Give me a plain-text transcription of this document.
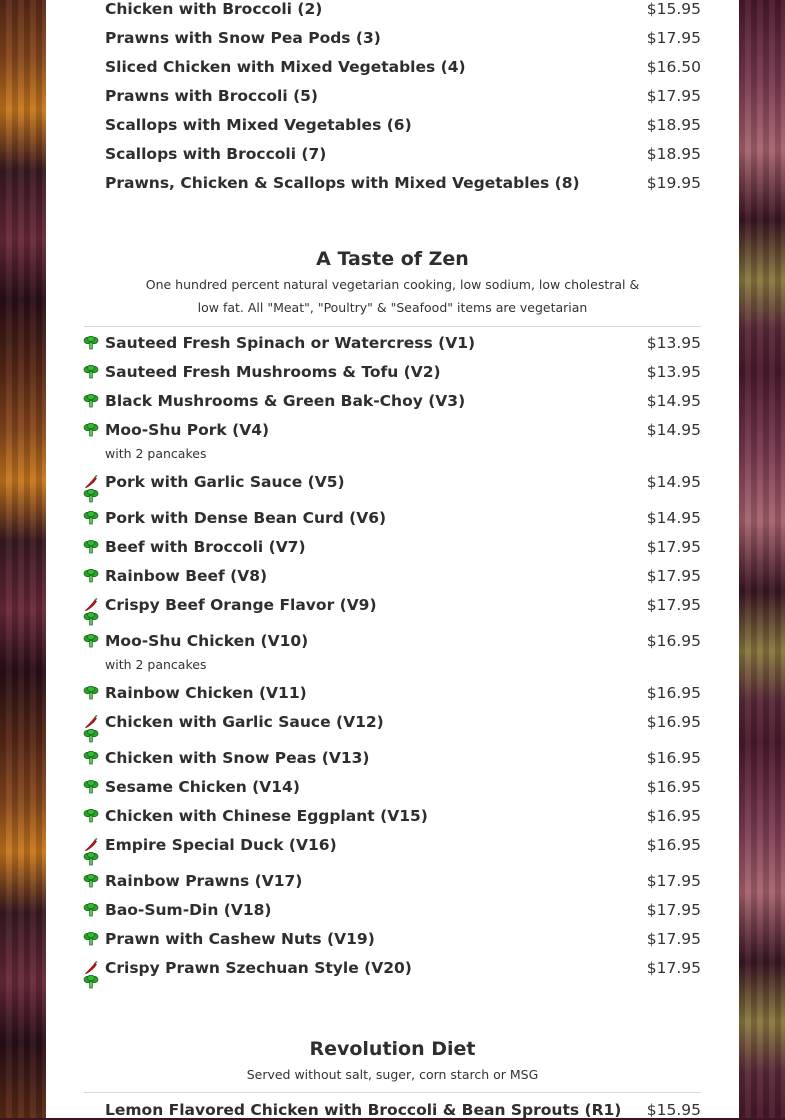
Chicken with Broccoli (2)	$15.95
Prawns with Snow Pea Pods (3)	$17.95
Sliced Chicken with Mixed Vegetables (4)	$16.50
Prawns with Broccoli (5)	$17.95
Scallops with Mixed Vegetables (6)	$18.95
Scallops with Broccoli (7)	$18.95
Prawns, Chicken & Scallops with Mixed Vegetables (8)	$19.95
A Taste of Zen
One hundred percent natural vegetarian cooking, low sodium, low cholestral &
low fat. All "Meat", "Poultry" & "Seafood" items are vegetarian
Sauteed Fresh Spinach or Watercress (V1)	$13.95
Sauteed Fresh Mushrooms & Tofu (V2)	$13.95
Black Mushrooms & Green Bak-Choy (V3)	$14.95
Moo-Shu Pork (V4)	$14.95
with 2 pancakes
Pork with Garlic Sauce (V5)	$14.95
Pork with Dense Bean Curd (V6)	$14.95
Beef with Broccoli (V7)	$17.95
Rainbow Beef (V8)	$17.95
Crispy Beef Orange Flavor (V9)	$17.95
Moo-Shu Chicken (V10)	$16.95
with 2 pancakes
Rainbow Chicken (V11)	$16.95
Chicken with Garlic Sauce (V12)	$16.95
Chicken with Snow Peas (V13)	$16.95
Sesame Chicken (V14)	$16.95
Chicken with Chinese Eggplant (V15)	$16.95
Empire Special Duck (V16)	$16.95
Rainbow Prawns (V17)	$17.95
Bao-Sum-Din (V18)	$17.95
Prawn with Cashew Nuts (V19)	$17.95
Crispy Prawn Szechuan Style (V20)	$17.95
Revolution Diet
Served without salt, suger, corn starch or MSG
Lemon Flavored Chicken with Broccoli & Bean Sprouts (R1) $15.95
